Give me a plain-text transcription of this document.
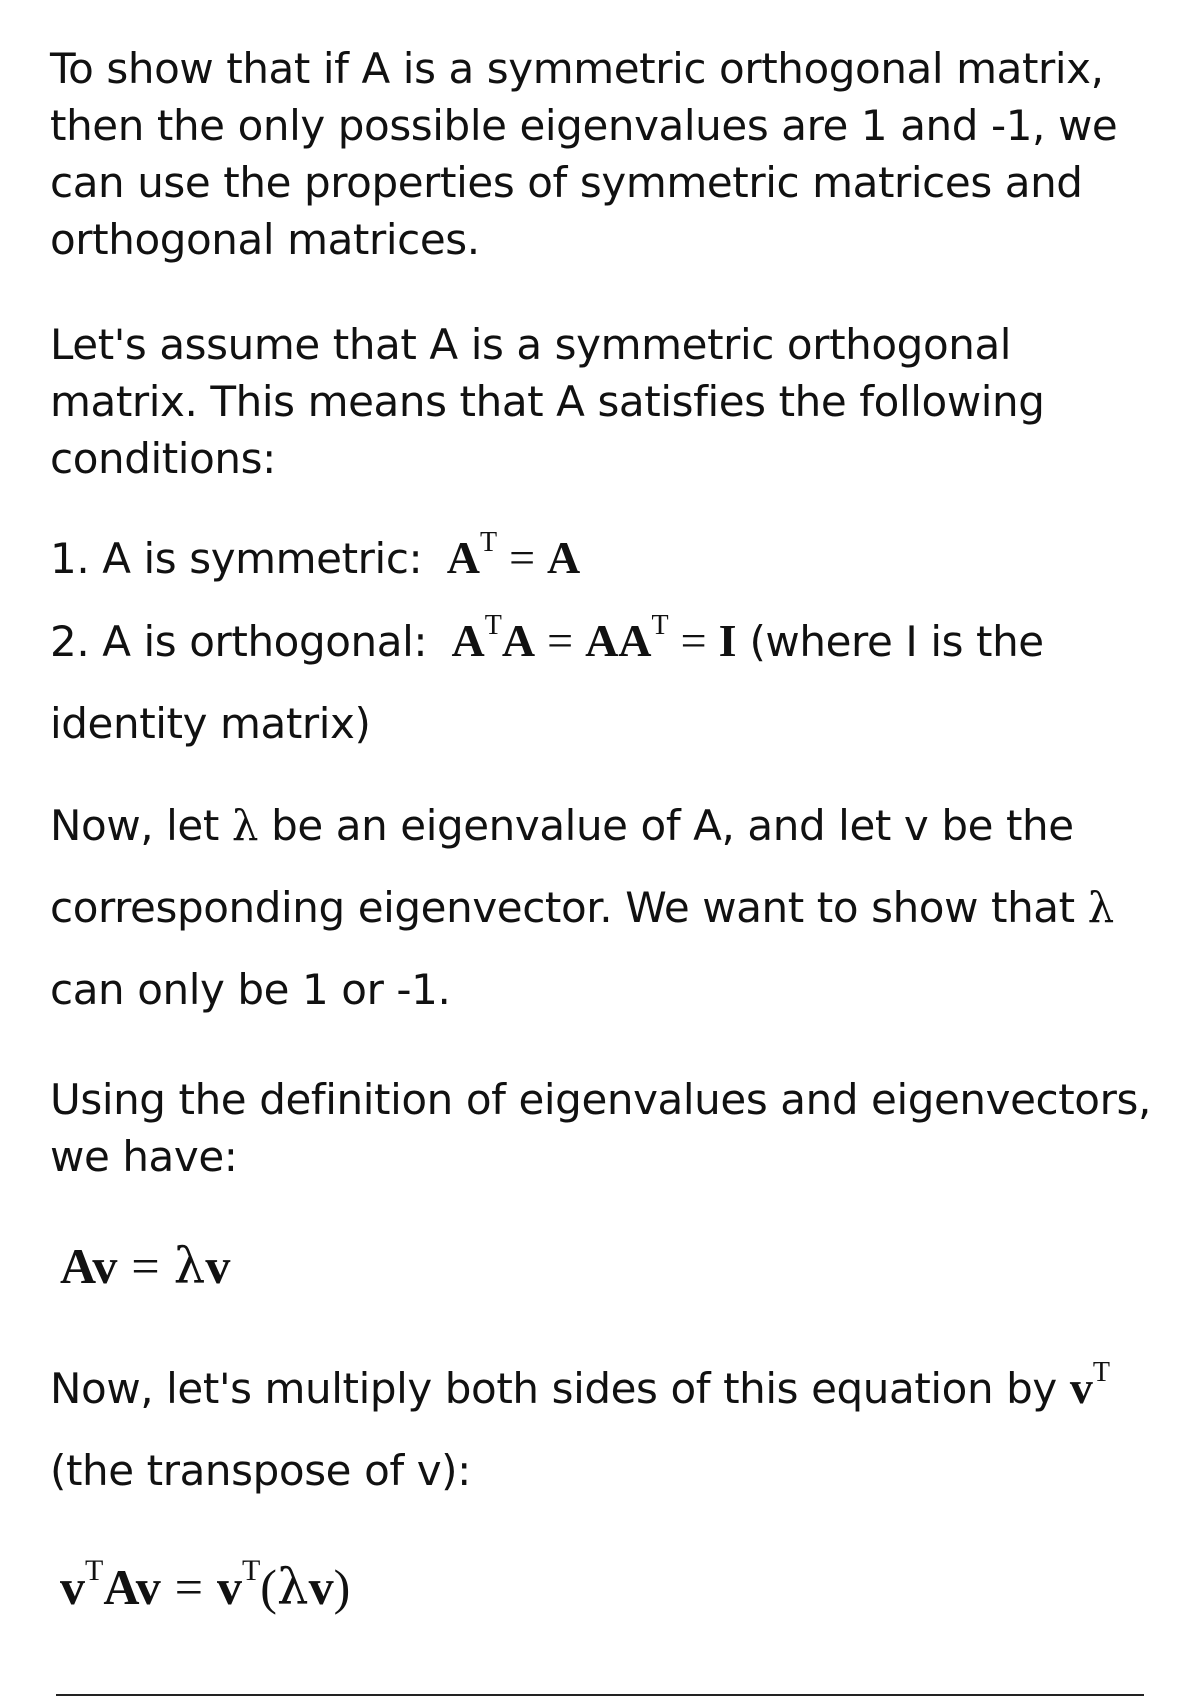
To show that if A is a symmetric orthogonal matrix, then the only possible eigenvalues are 1 and -1, we can use the properties of symmetric matrices and orthogonal matrices.

Let's assume that A is a symmetric orthogonal matrix. This means that A satisfies the following conditions:

1. A is symmetric: $A^T = A$

2. A is orthogonal: $A^TA = AA^T = I$ (where I is the identity matrix)

Now, let λ be an eigenvalue of A, and let v be the corresponding eigenvector. We want to show that λ can only be 1 or -1.

Using the definition of eigenvalues and eigenvectors, we have:

Av = λv

Now, let's multiply both sides of this equation by $v^T$ (the transpose of v):

$v^TAv = v^T(\lambda v)$
